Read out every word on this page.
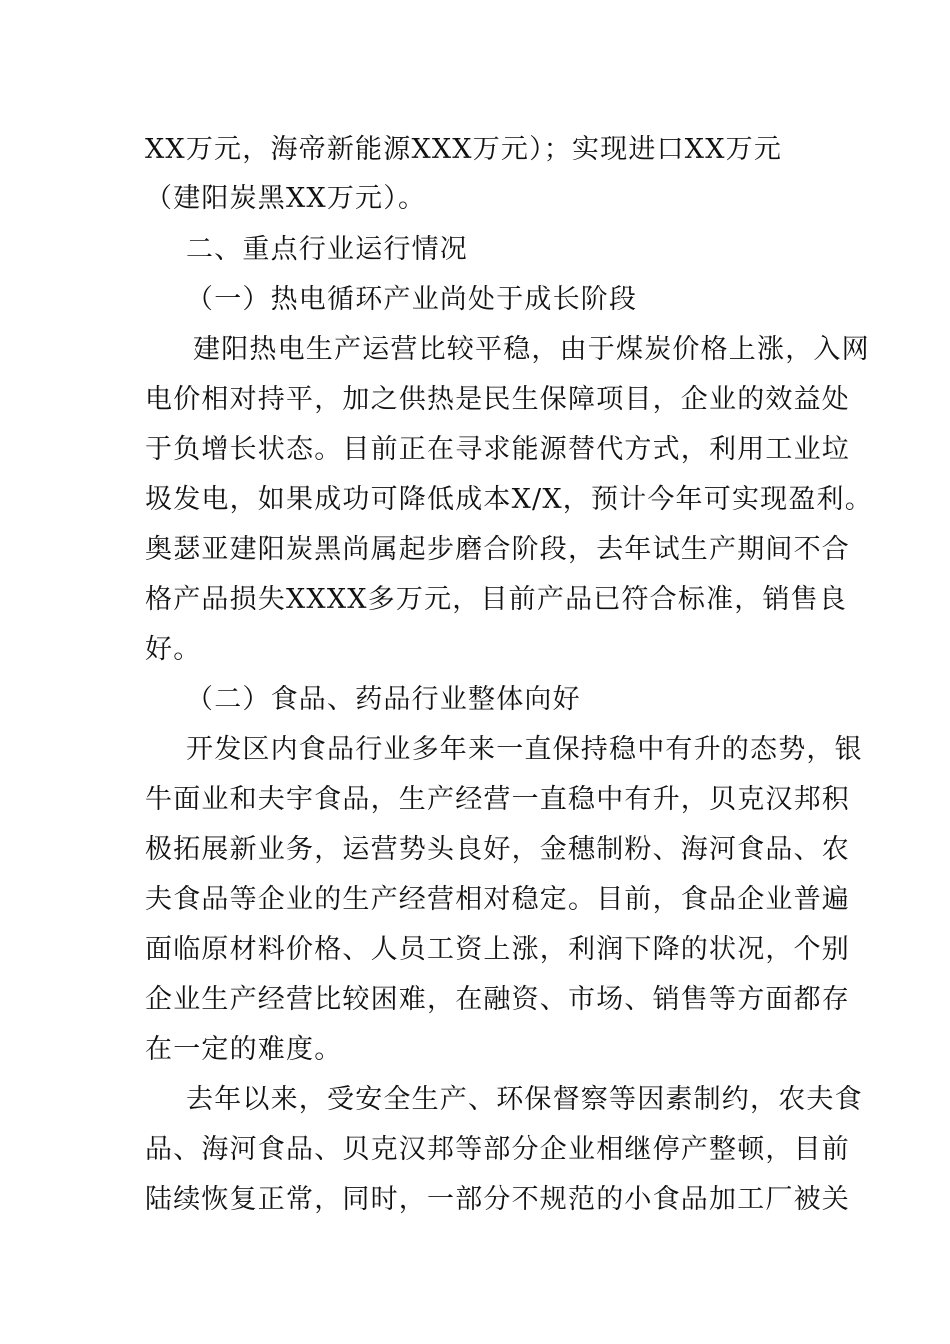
XX万元，海帝新能源XXX万元）；实现进口XX万元
（建阳炭黑XX万元）。
二、重点行业运行情况
（一）热电循环产业尚处于成长阶段
建阳热电生产运营比较平稳，由于煤炭价格上涨，入网
电价相对持平，加之供热是民生保障项目，企业的效益处
于负增长状态。目前正在寻求能源替代方式，利用工业垃
圾发电，如果成功可降低成本X/X，预计今年可实现盈利。
奥瑟亚建阳炭黑尚属起步磨合阶段，去年试生产期间不合
格产品损失XXXX多万元，目前产品已符合标准，销售良
好。
（二）食品、药品行业整体向好
开发区内食品行业多年来一直保持稳中有升的态势，银
牛面业和夫宇食品，生产经营一直稳中有升，贝克汉邦积
极拓展新业务，运营势头良好，金穗制粉、海河食品、农
夫食品等企业的生产经营相对稳定。目前，食品企业普遍
面临原材料价格、人员工资上涨，利润下降的状况，个别
企业生产经营比较困难，在融资、市场、销售等方面都存
在一定的难度。
去年以来，受安全生产、环保督察等因素制约，农夫食
品、海河食品、贝克汉邦等部分企业相继停产整顿，目前
陆续恢复正常，同时，一部分不规范的小食品加工厂被关
